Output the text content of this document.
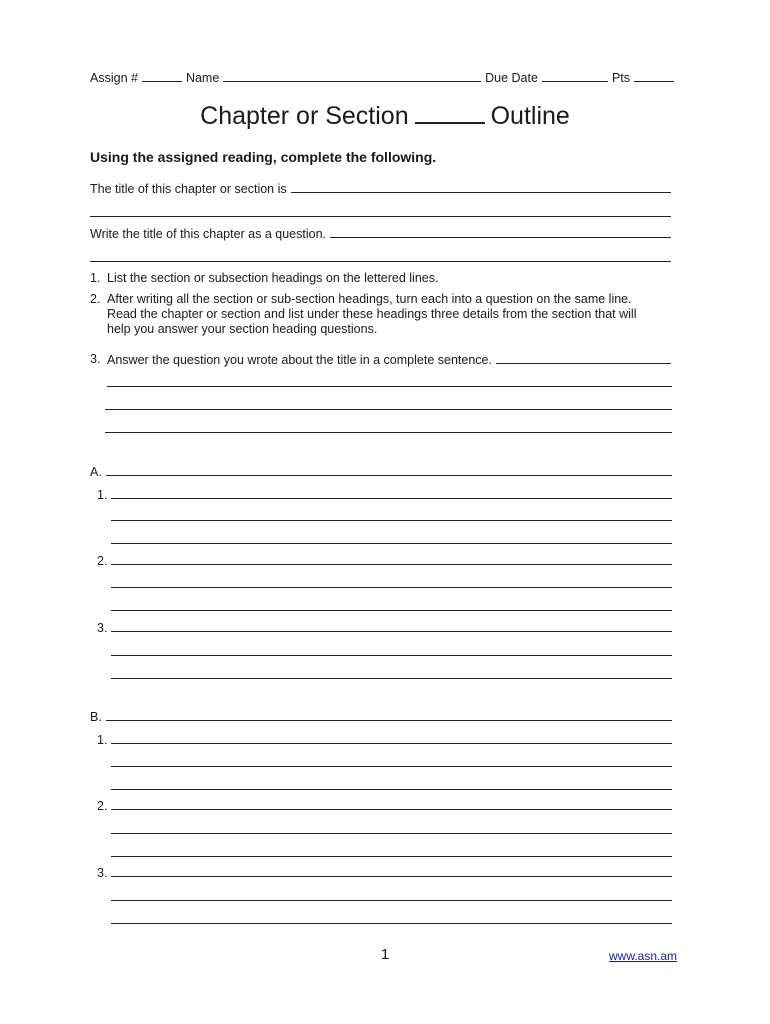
Assign #	Name	Due Date	Pts
Chapter or Section	Outline
Using the assigned reading, complete the following.
The title of this chapter or section is
Write the title of this chapter as a question.
1. List the section or subsection headings on the lettered lines.
2. After writing all the section or sub-section headings, turn each into a question on the same line. Read the chapter or section and list under these headings three details from the section that will help you answer your section heading questions.
3. Answer the question you wrote about the title in a complete sentence.
A.
1.
2.
3.
B.
1.
2.
3.
1	www.asn.am
